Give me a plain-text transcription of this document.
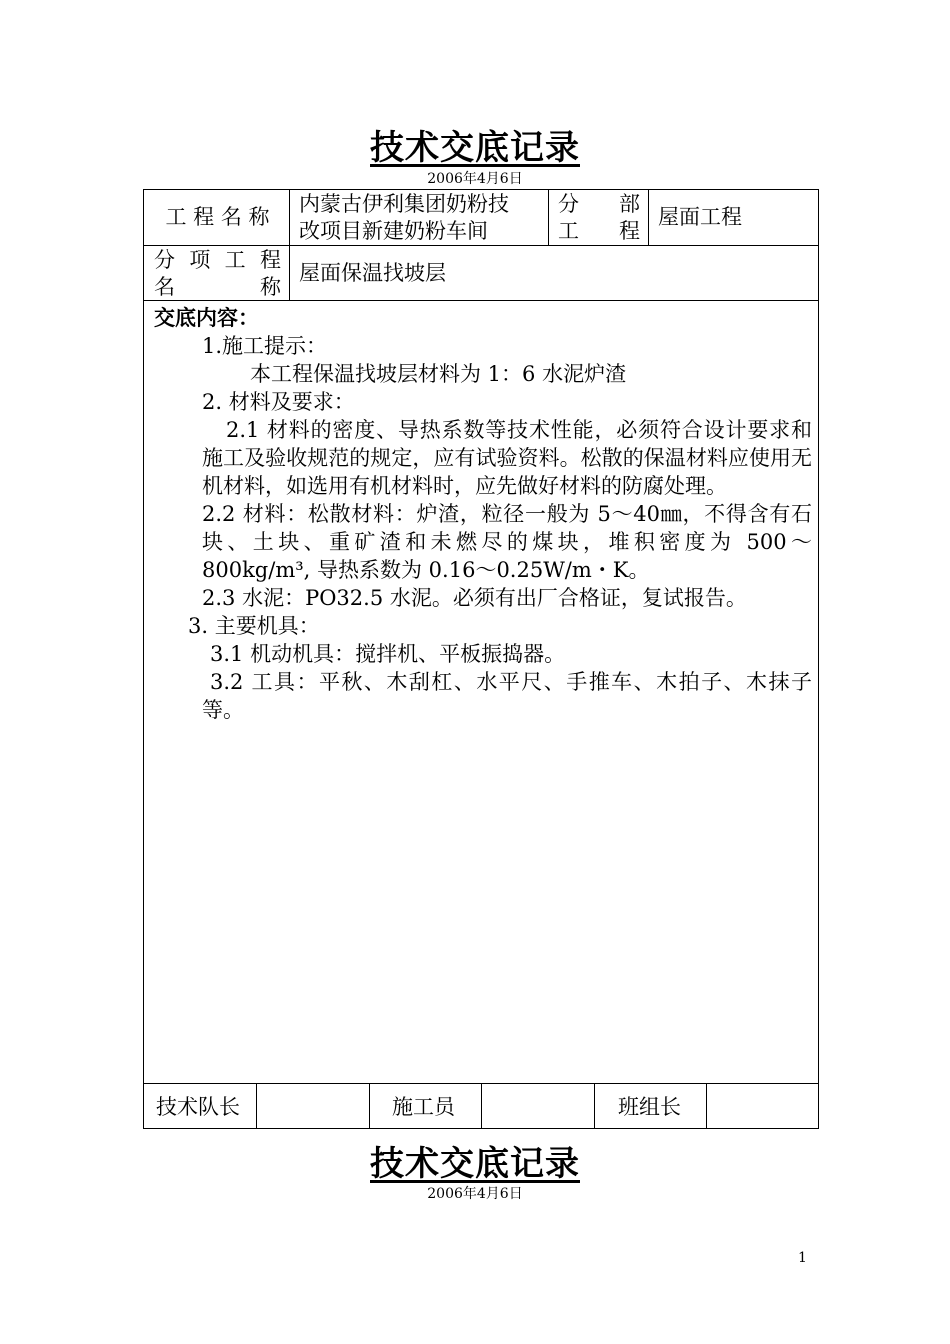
技术交底记录
2006年4月6日
工 程 名 称
内蒙古伊利集团奶粉技
改项目新建奶粉车间
分 部
工 程
屋面工程
分 项 工 程
名 称
屋面保温找坡层
交底内容：
1.施工提示：
本工程保温找坡层材料为 1：6 水泥炉渣
2. 材料及要求：
2.1 材料的密度、导热系数等技术性能，必须符合设计要求和施工及验收规范的规定，应有试验资料。松散的保温材料应使用无机材料，如选用有机材料时，应先做好材料的防腐处理。
2.2 材料：松散材料：炉渣，粒径一般为 5～40㎜，不得含有石块、土块、重矿渣和未燃尽的煤块，堆积密度为 500～800kg/m³, 导热系数为 0.16～0.25W/m・K。
2.3 水泥：PO32.5 水泥。必须有出厂合格证，复试报告。
3. 主要机具：
3.1 机动机具：搅拌机、平板振捣器。
3.2 工具：平秋、木刮杠、水平尺、手推车、木拍子、木抹子等。
技术队长	施工员	班组长
技术交底记录
2006年4月6日
1
